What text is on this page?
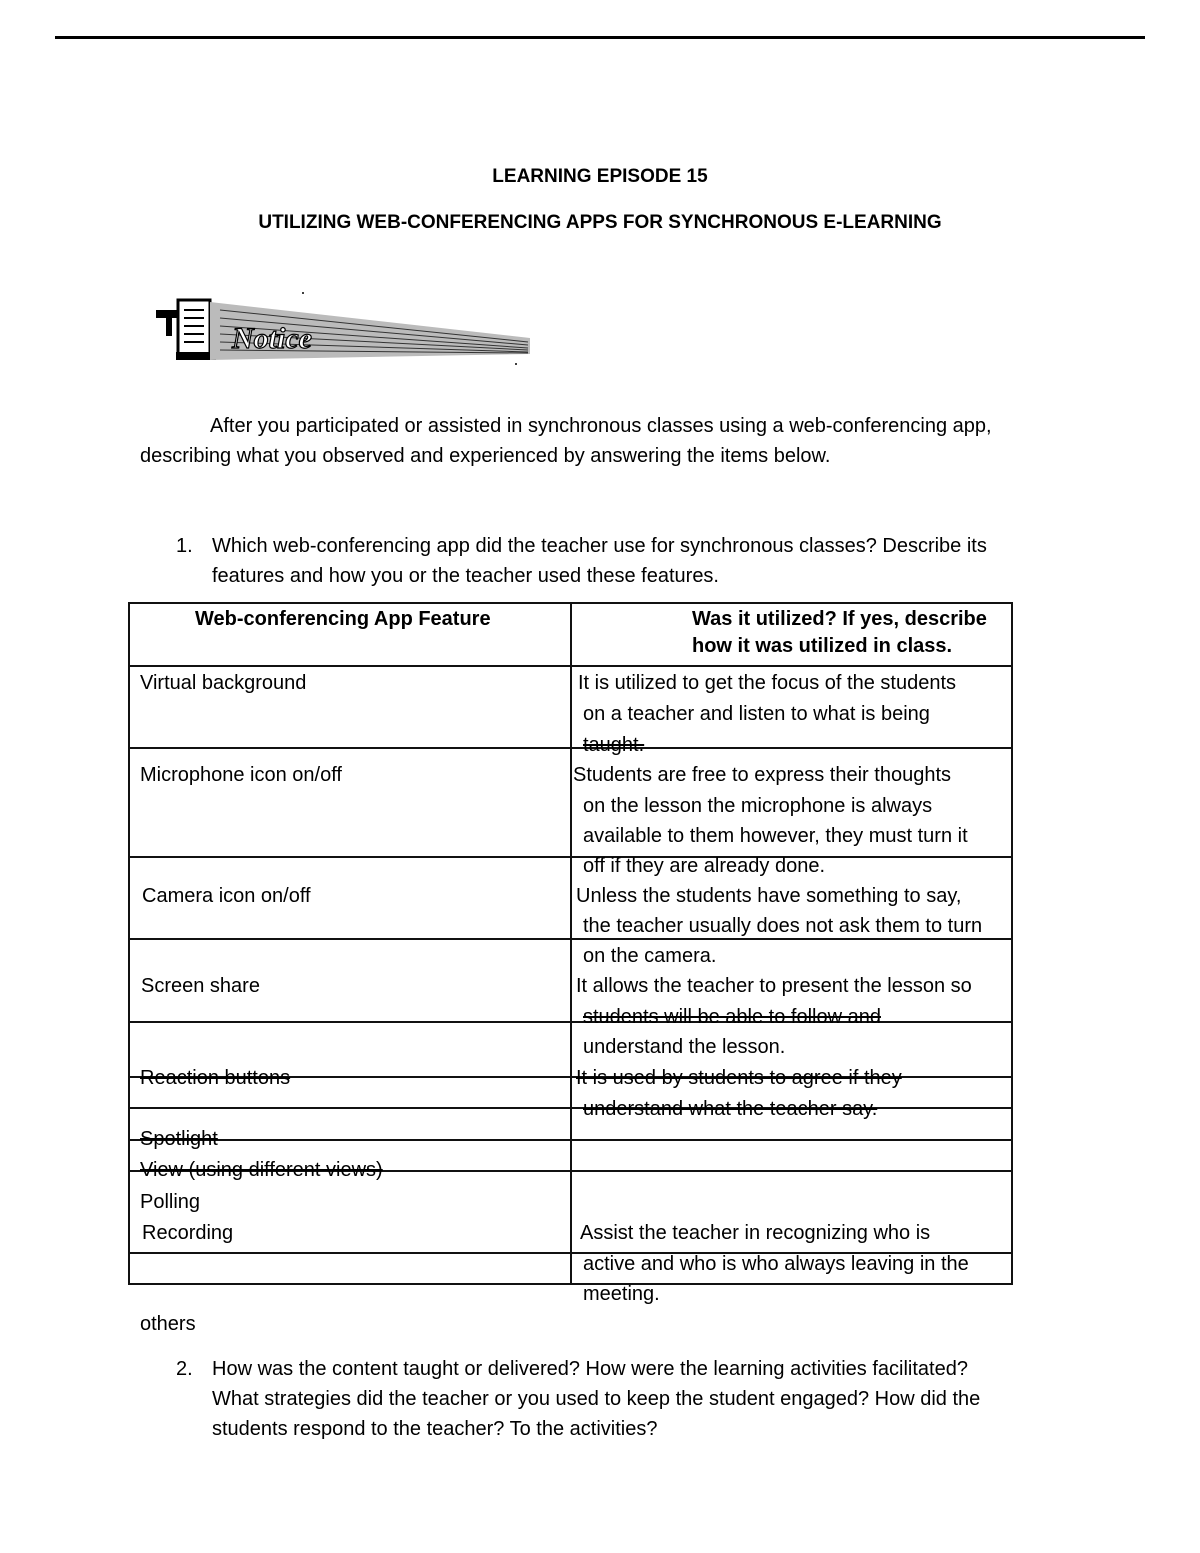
LEARNING EPISODE 15
UTILIZING WEB-CONFERENCING APPS FOR SYNCHRONOUS E-LEARNING
Notice
After you participated or assisted in synchronous classes using a web-conferencing app,
describing what you observed and experienced by answering the items below.
1. Which web-conferencing app did the teacher use for synchronous classes? Describe its
features and how you or the teacher used these features.
Web-conferencing App Feature	Was it utilized? If yes, describe
how it was utilized in class.
Virtual background
Microphone icon on/off
Camera icon on/off
Screen share
Reaction buttons
Spotlight
View (using different views)
Polling
Recording
It is utilized to get the focus of the students
on a teacher and listen to what is being
taught.
Students are free to express their thoughts
on the lesson the microphone is always
available to them however, they must turn it
off if they are already done.
Unless the students have something to say,
the teacher usually does not ask them to turn
on the camera.
It allows the teacher to present the lesson so
students will be able to follow and
understand the lesson.
It is used by students to agree if they
understand what the teacher say.
Assist the teacher in recognizing who is
active and who is who always leaving in the
meeting.
others
2. How was the content taught or delivered? How were the learning activities facilitated?
What strategies did the teacher or you used to keep the student engaged? How did the
students respond to the teacher? To the activities?
